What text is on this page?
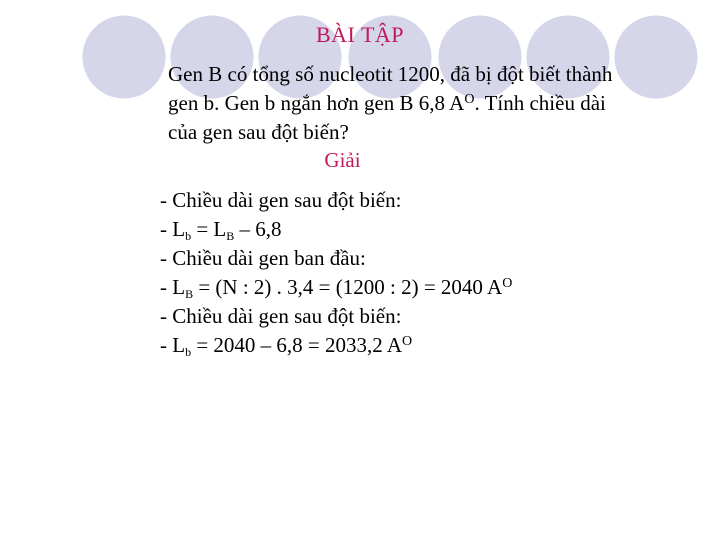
BÀI TẬP
Gen B có tổng số nucleotit 1200, đã bị đột biết thành
gen b. Gen b ngắn hơn gen B 6,8 $A^O$. Tính chiều dài
của gen sau đột biến?
Giải
- Chiều dài gen sau đột biến:
- $L_b = L_B - 6,8$
- Chiều dài gen ban đầu:
- $L_B = (N$ : 2) . 3,4 = (1200 : 2) = 2040 $A^O$
- Chiều dài gen sau đột biến:
- $L_b = 2040 - 6,8 = 2033,2$ $A^O$
